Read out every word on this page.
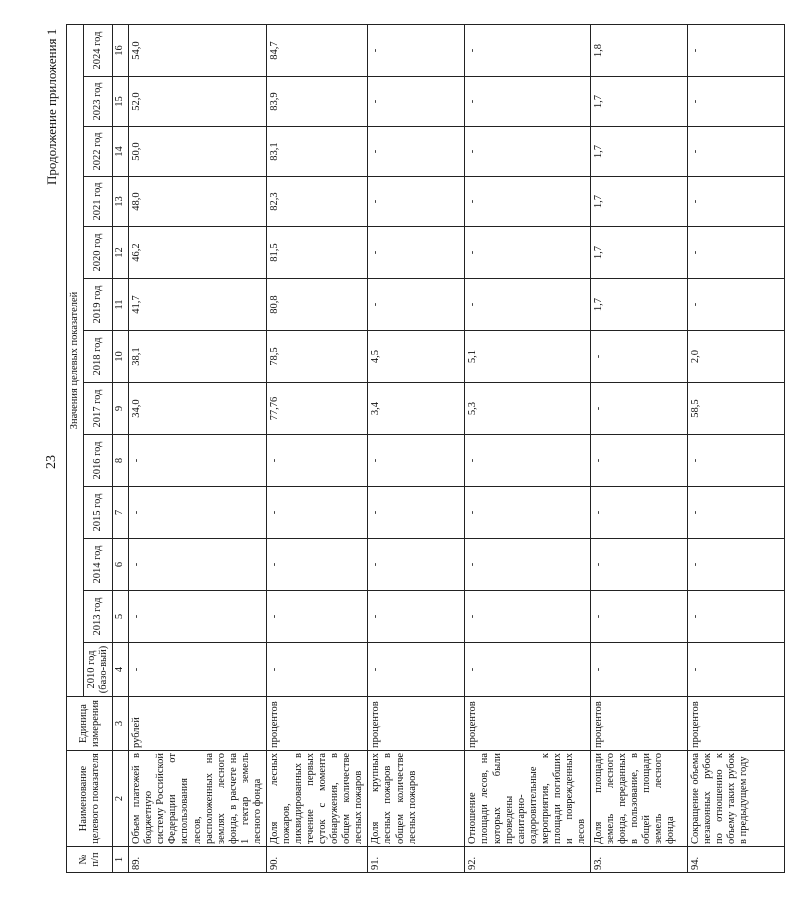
23
Продолжение приложения 1
№ п/п	Наименование целевого показателя	Единица измерения	Значения целевых показателей												
			2010 год (базо-вый)	2013 год	2014 год	2015 год	2016 год	2017 год	2018 год	2019 год	2020 год	2021 год	2022 год	2023 год	2024 год
1	2	3	4	5	6	7	8	9	10	11	12	13	14	15	16
89.	Объем платежей в бюджетную систему Российской Федерации от использования лесов, расположенных на землях лесного фонда, в расчете на 1 гектар земель лесного фонда	рублей	-	-	-	-	-	34,0	38,1	41,7	46,2	48,0	50,0	52,0	54,0
90.	Доля лесных пожаров, ликвидированных в течение первых суток с момента обнаружения, в общем количестве лесных пожаров	процентов	-	-	-	-	-	77,76	78,5	80,8	81,5	82,3	83,1	83,9	84,7
91.	Доля крупных лесных пожаров в общем количестве лесных пожаров	процентов	-	-	-	-	-	3,4	4,5	-	-	-	-	-	-
92.	Отношение площади лесов, на которых были проведены санитарно-оздоровительные мероприятия, к площади погибших и поврежденных лесов	процентов	-	-	-	-	-	5,3	5,1	-	-	-	-	-	-
93.	Доля площади земель лесного фонда, переданных в пользование, в общей площади земель лесного фонда	процентов	-	-	-	-	-	-	-	1,7	1,7	1,7	1,7	1,7	1,8
94.	Сокращение объема незаконных рубок по отношению к объему таких рубок в предыдущем году	процентов	-	-	-	-	-	58,5	2,0	-	-	-	-	-	-
